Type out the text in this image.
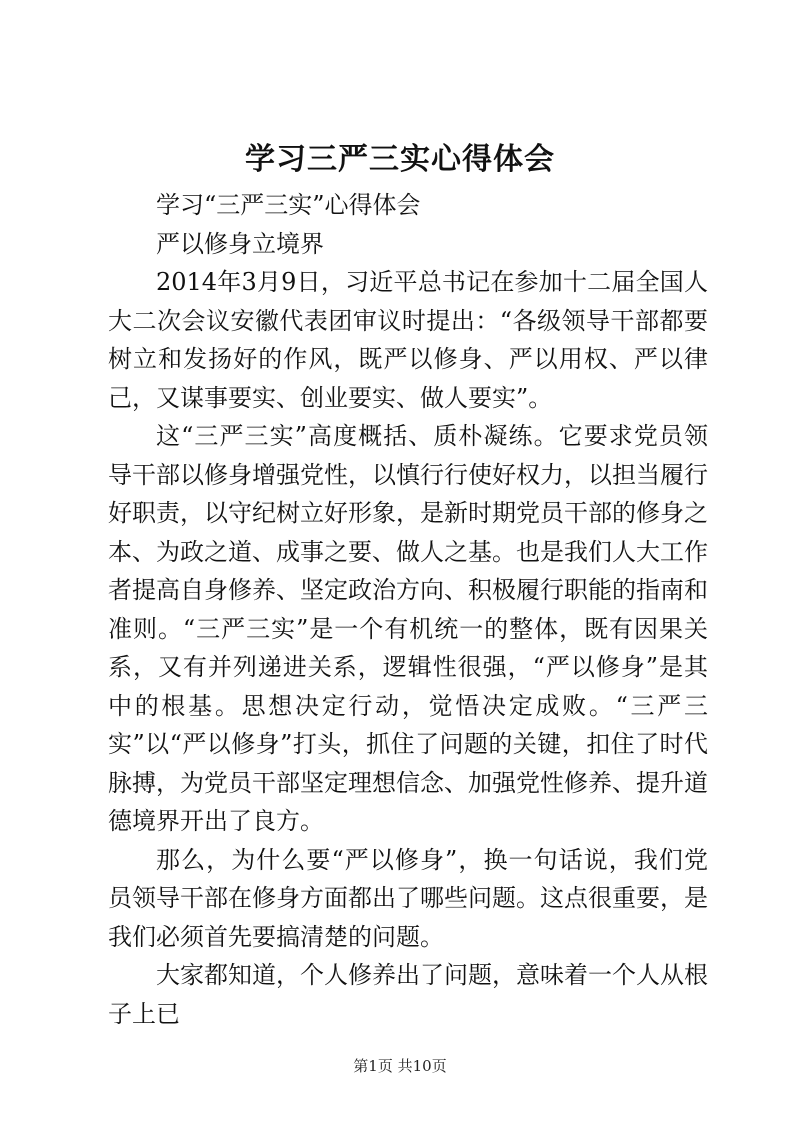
学习三严三实心得体会

学习“三严三实”心得体会

严以修身立境界

2014年3月9日，习近平总书记在参加十二届全国人大二次会议安徽代表团审议时提出：“各级领导干部都要树立和发扬好的作风，既严以修身、严以用权、严以律己，又谋事要实、创业要实、做人要实”。

这“三严三实”高度概括、质朴凝练。它要求党员领导干部以修身增强党性，以慎行行使好权力，以担当履行好职责，以守纪树立好形象，是新时期党员干部的修身之本、为政之道、成事之要、做人之基。也是我们人大工作者提高自身修养、坚定政治方向、积极履行职能的指南和准则。“三严三实”是一个有机统一的整体，既有因果关系，又有并列递进关系，逻辑性很强，“严以修身”是其中的根基。思想决定行动，觉悟决定成败。“三严三实”以“严以修身”打头，抓住了问题的关键，扣住了时代脉搏，为党员干部坚定理想信念、加强党性修养、提升道德境界开出了良方。

那么，为什么要“严以修身”，换一句话说，我们党员领导干部在修身方面都出了哪些问题。这点很重要，是我们必须首先要搞清楚的问题。

大家都知道，个人修养出了问题，意味着一个人从根子上已

第1页 共10页
